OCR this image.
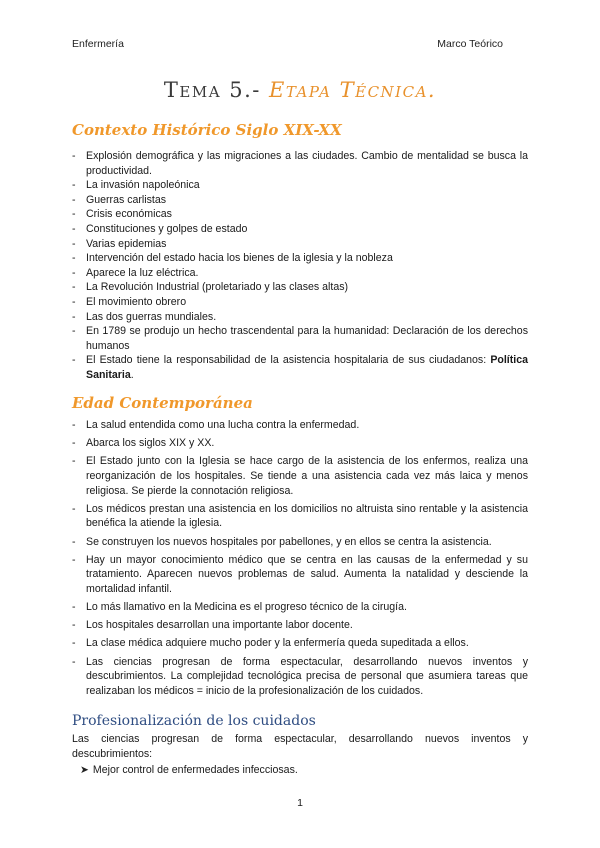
Enfermería	Marco Teórico
Tema 5.- Etapa Técnica.
Contexto Histórico Siglo XIX-XX
- Explosión demográfica y las migraciones a las ciudades. Cambio de mentalidad se busca la productividad.
- La invasión napoleónica
- Guerras carlistas
- Crisis económicas
- Constituciones y golpes de estado
- Varias epidemias
- Intervención del estado hacia los bienes de la iglesia y la nobleza
- Aparece la luz eléctrica.
- La Revolución Industrial (proletariado y las clases altas)
- El movimiento obrero
- Las dos guerras mundiales.
- En 1789 se produjo un hecho trascendental para la humanidad: Declaración de los derechos humanos
- El Estado tiene la responsabilidad de la asistencia hospitalaria de sus ciudadanos: Política Sanitaria.
Edad Contemporánea
- La salud entendida como una lucha contra la enfermedad.
- Abarca los siglos XIX y XX.
- El Estado junto con la Iglesia se hace cargo de la asistencia de los enfermos, realiza una reorganización de los hospitales. Se tiende a una asistencia cada vez más laica y menos religiosa. Se pierde la connotación religiosa.
- Los médicos prestan una asistencia en los domicilios no altruista sino rentable y la asistencia benéfica la atiende la iglesia.
- Se construyen los nuevos hospitales por pabellones, y en ellos se centra la asistencia.
- Hay un mayor conocimiento médico que se centra en las causas de la enfermedad y su tratamiento. Aparecen nuevos problemas de salud. Aumenta la natalidad y desciende la mortalidad infantil.
- Lo más llamativo en la Medicina es el progreso técnico de la cirugía.
- Los hospitales desarrollan una importante labor docente.
- La clase médica adquiere mucho poder y la enfermería queda supeditada a ellos.
- Las ciencias progresan de forma espectacular, desarrollando nuevos inventos y descubrimientos. La complejidad tecnológica precisa de personal que asumiera tareas que realizaban los médicos = inicio de la profesionalización de los cuidados.
Profesionalización de los cuidados

Las ciencias progresan de forma espectacular, desarrollando nuevos inventos y descubrimientos:

➤ Mejor control de enfermedades infecciosas.
1
